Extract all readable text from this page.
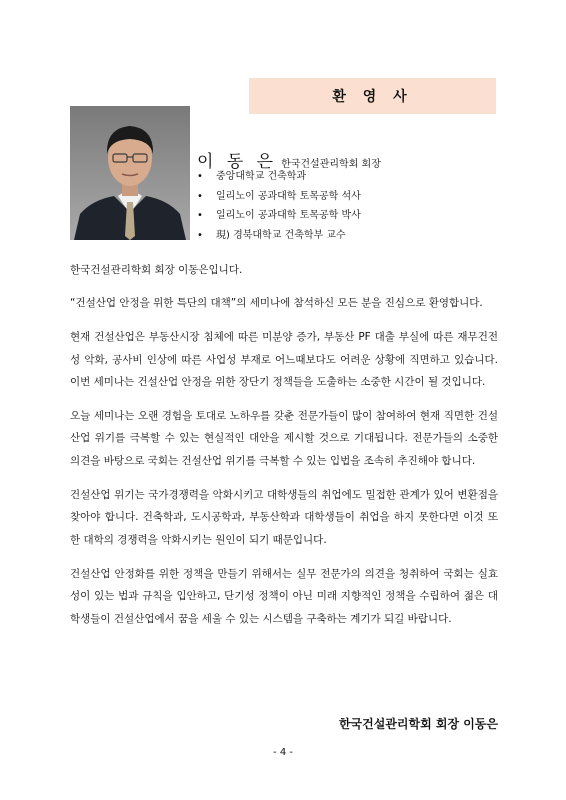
환 영 사
이 동 은 한국건설관리학회 회장
• 중앙대학교 건축학과
• 일리노이 공과대학 토목공학 석사
• 일리노이 공과대학 토목공학 박사
• 現) 경북대학교 건축학부 교수

한국건설관리학회 회장 이동은입니다.

“건설산업 안정을 위한 특단의 대책”의 세미나에 참석하신 모든 분을 진심으로 환영합니다.

현재 건설산업은 부동산시장 침체에 따른 미분양 증가, 부동산 PF 대출 부실에 따른 재무건전성 악화, 공사비 인상에 따른 사업성 부재로 어느때보다도 어려운 상황에 직면하고 있습니다. 이번 세미나는 건설산업 안정을 위한 장단기 정책들을 도출하는 소중한 시간이 될 것입니다.

오늘 세미나는 오랜 경험을 토대로 노하우를 갖춘 전문가들이 많이 참여하여 현재 직면한 건설산업 위기를 극복할 수 있는 현실적인 대안을 제시할 것으로 기대됩니다. 전문가들의 소중한 의견을 바탕으로 국회는 건설산업 위기를 극복할 수 있는 입법을 조속히 추진해야 합니다.

건설산업 위기는 국가경쟁력을 악화시키고 대학생들의 취업에도 밀접한 관계가 있어 변환점을 찾아야 합니다. 건축학과, 도시공학과, 부동산학과 대학생들이 취업을 하지 못한다면 이것 또한 대학의 경쟁력을 악화시키는 원인이 되기 때문입니다.

건설산업 안정화를 위한 정책을 만들기 위해서는 실무 전문가의 의견을 청취하여 국회는 실효성이 있는 법과 규칙을 입안하고, 단기성 정책이 아닌 미래 지향적인 정책을 수립하여 젊은 대학생들이 건설산업에서 꿈을 세울 수 있는 시스템을 구축하는 계기가 되길 바랍니다.

한국건설관리학회 회장 이동은
- 4 -
